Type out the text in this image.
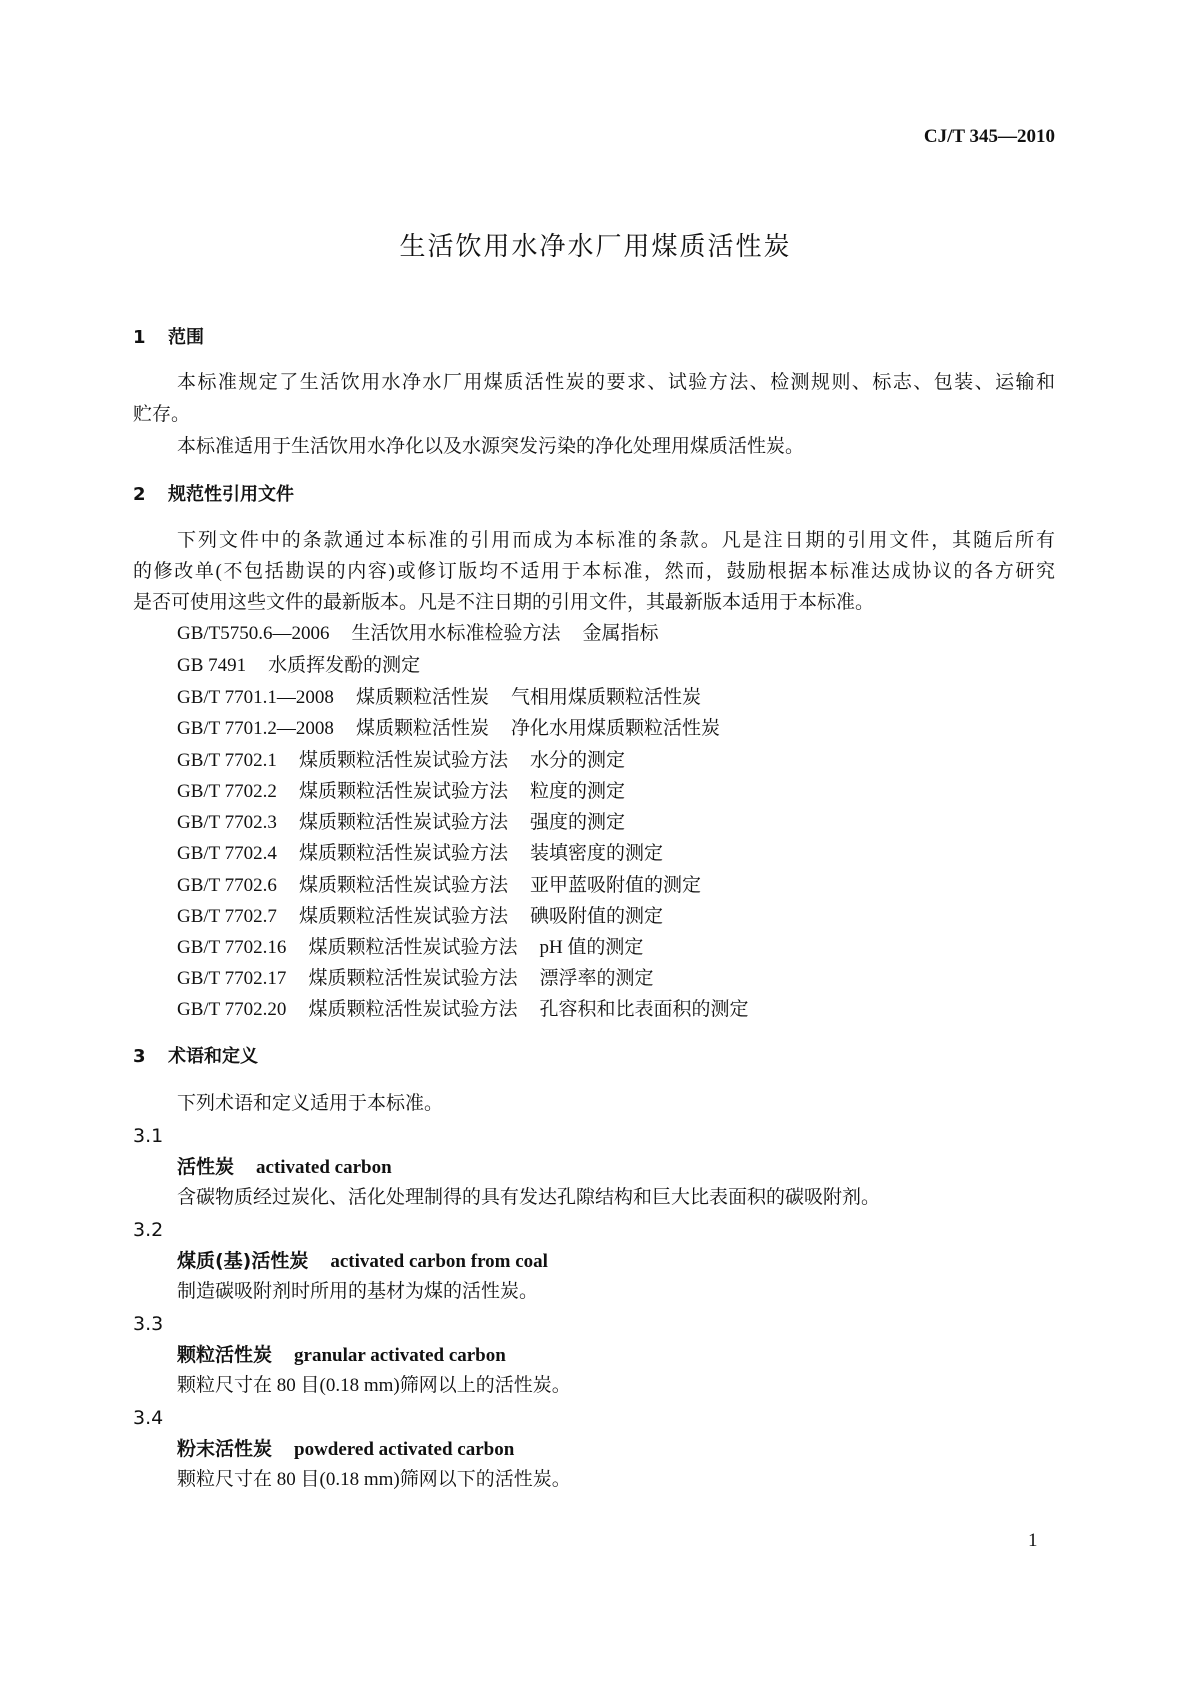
CJ/T 345—2010
生活饮用水净水厂用煤质活性炭
1 范围
本标准规定了生活饮用水净水厂用煤质活性炭的要求、试验方法、检测规则、标志、包装、运输和
贮存。
本标准适用于生活饮用水净化以及水源突发污染的净化处理用煤质活性炭。
2 规范性引用文件
下列文件中的条款通过本标准的引用而成为本标准的条款。凡是注日期的引用文件，其随后所有
的修改单(不包括勘误的内容)或修订版均不适用于本标准，然而，鼓励根据本标准达成协议的各方研究
是否可使用这些文件的最新版本。凡是不注日期的引用文件，其最新版本适用于本标准。
GB/T5750.6—2006 生活饮用水标准检验方法 金属指标
GB 7491 水质挥发酚的测定
GB/T 7701.1—2008 煤质颗粒活性炭 气相用煤质颗粒活性炭
GB/T 7701.2—2008 煤质颗粒活性炭 净化水用煤质颗粒活性炭
GB/T 7702.1 煤质颗粒活性炭试验方法 水分的测定
GB/T 7702.2 煤质颗粒活性炭试验方法 粒度的测定
GB/T 7702.3 煤质颗粒活性炭试验方法 强度的测定
GB/T 7702.4 煤质颗粒活性炭试验方法 装填密度的测定
GB/T 7702.6 煤质颗粒活性炭试验方法 亚甲蓝吸附值的测定
GB/T 7702.7 煤质颗粒活性炭试验方法 碘吸附值的测定
GB/T 7702.16 煤质颗粒活性炭试验方法 pH 值的测定
GB/T 7702.17 煤质颗粒活性炭试验方法 漂浮率的测定
GB/T 7702.20 煤质颗粒活性炭试验方法 孔容积和比表面积的测定
3 术语和定义
下列术语和定义适用于本标准。
3.1
活性炭 activated carbon
含碳物质经过炭化、活化处理制得的具有发达孔隙结构和巨大比表面积的碳吸附剂。
3.2
煤质(基)活性炭 activated carbon from coal
制造碳吸附剂时所用的基材为煤的活性炭。
3.3
颗粒活性炭 granular activated carbon
颗粒尺寸在 80 目(0.18 mm)筛网以上的活性炭。
3.4
粉末活性炭 powdered activated carbon
颗粒尺寸在 80 目(0.18 mm)筛网以下的活性炭。
1
